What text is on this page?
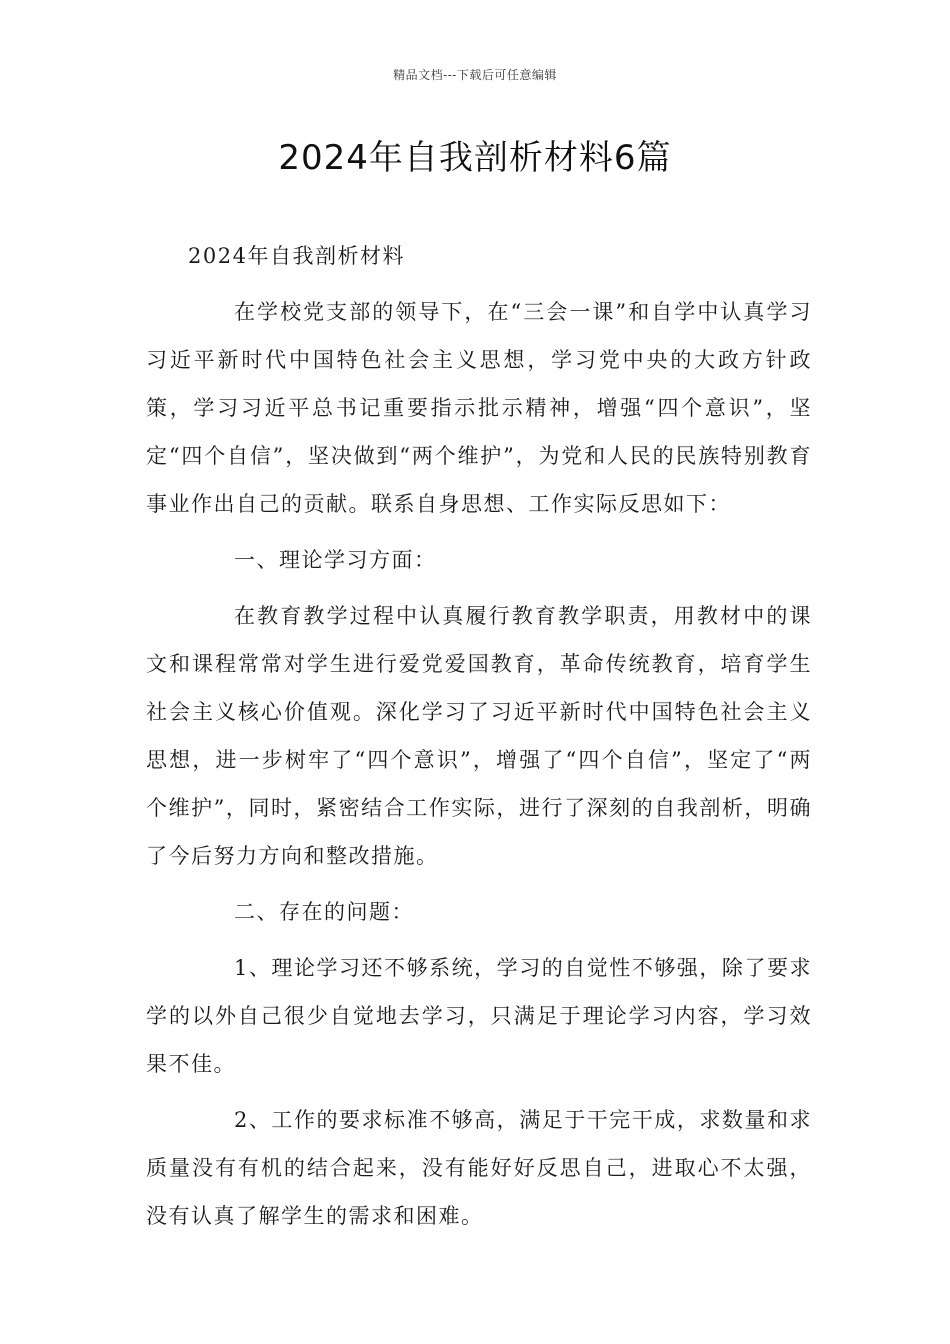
精品文档---下载后可任意编辑
2024年自我剖析材料6篇

2024年自我剖析材料

在学校党支部的领导下，在“三会一课”和自学中认真学习习近平新时代中国特色社会主义思想，学习党中央的大政方针政策，学习习近平总书记重要指示批示精神，增强“四个意识”，坚定“四个自信”，坚决做到“两个维护”，为党和人民的民族特别教育事业作出自己的贡献。联系自身思想、工作实际反思如下：

一、理论学习方面：

在教育教学过程中认真履行教育教学职责，用教材中的课文和课程常常对学生进行爱党爱国教育，革命传统教育，培育学生社会主义核心价值观。深化学习了习近平新时代中国特色社会主义思想，进一步树牢了“四个意识”，增强了“四个自信”，坚定了“两个维护”，同时，紧密结合工作实际，进行了深刻的自我剖析，明确了今后努力方向和整改措施。

二、存在的问题：

1、理论学习还不够系统，学习的自觉性不够强，除了要求学的以外自己很少自觉地去学习，只满足于理论学习内容，学习效果不佳。

2、工作的要求标准不够高，满足于干完干成，求数量和求质量没有有机的结合起来，没有能好好反思自己，进取心不太强，没有认真了解学生的需求和困难。
